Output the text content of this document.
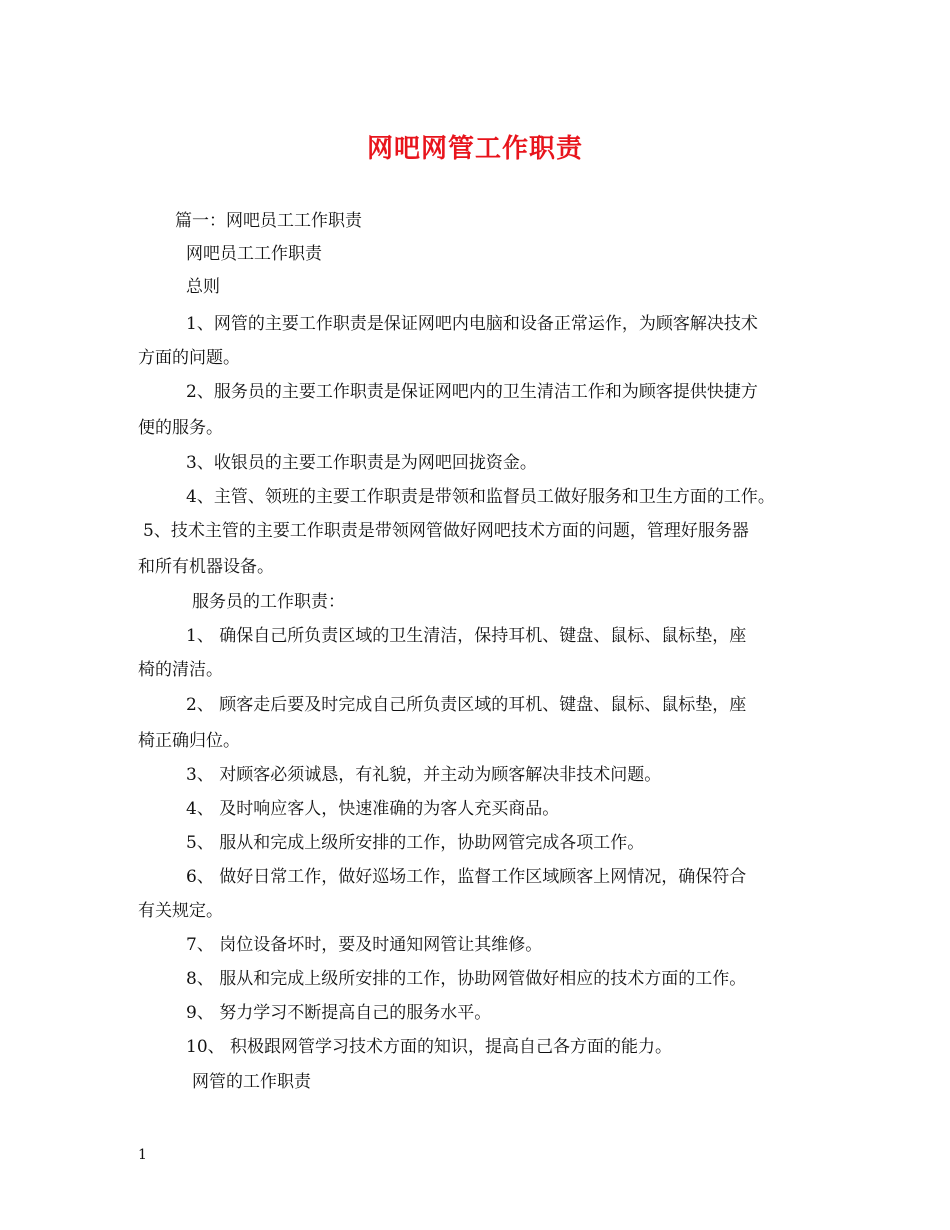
网吧网管工作职责
篇一：网吧员工工作职责
网吧员工工作职责
总则
1、网管的主要工作职责是保证网吧内电脑和设备正常运作，为顾客解决技术
方面的问题。
2、服务员的主要工作职责是保证网吧内的卫生清洁工作和为顾客提供快捷方
便的服务。
3、收银员的主要工作职责是为网吧回拢资金。
4、主管、领班的主要工作职责是带领和监督员工做好服务和卫生方面的工作。
5、技术主管的主要工作职责是带领网管做好网吧技术方面的问题，管理好服务器
和所有机器设备。
服务员的工作职责：
1、 确保自己所负责区域的卫生清洁，保持耳机、键盘、鼠标、鼠标垫，座
椅的清洁。
2、 顾客走后要及时完成自己所负责区域的耳机、键盘、鼠标、鼠标垫，座
椅正确归位。
3、 对顾客必须诚恳，有礼貌，并主动为顾客解决非技术问题。
4、 及时响应客人，快速准确的为客人充买商品。
5、 服从和完成上级所安排的工作，协助网管完成各项工作。
6、 做好日常工作，做好巡场工作，监督工作区域顾客上网情况，确保符合
有关规定。
7、 岗位设备坏时，要及时通知网管让其维修。
8、 服从和完成上级所安排的工作，协助网管做好相应的技术方面的工作。
9、 努力学习不断提高自己的服务水平。
10、 积极跟网管学习技术方面的知识，提高自己各方面的能力。
网管的工作职责
1
